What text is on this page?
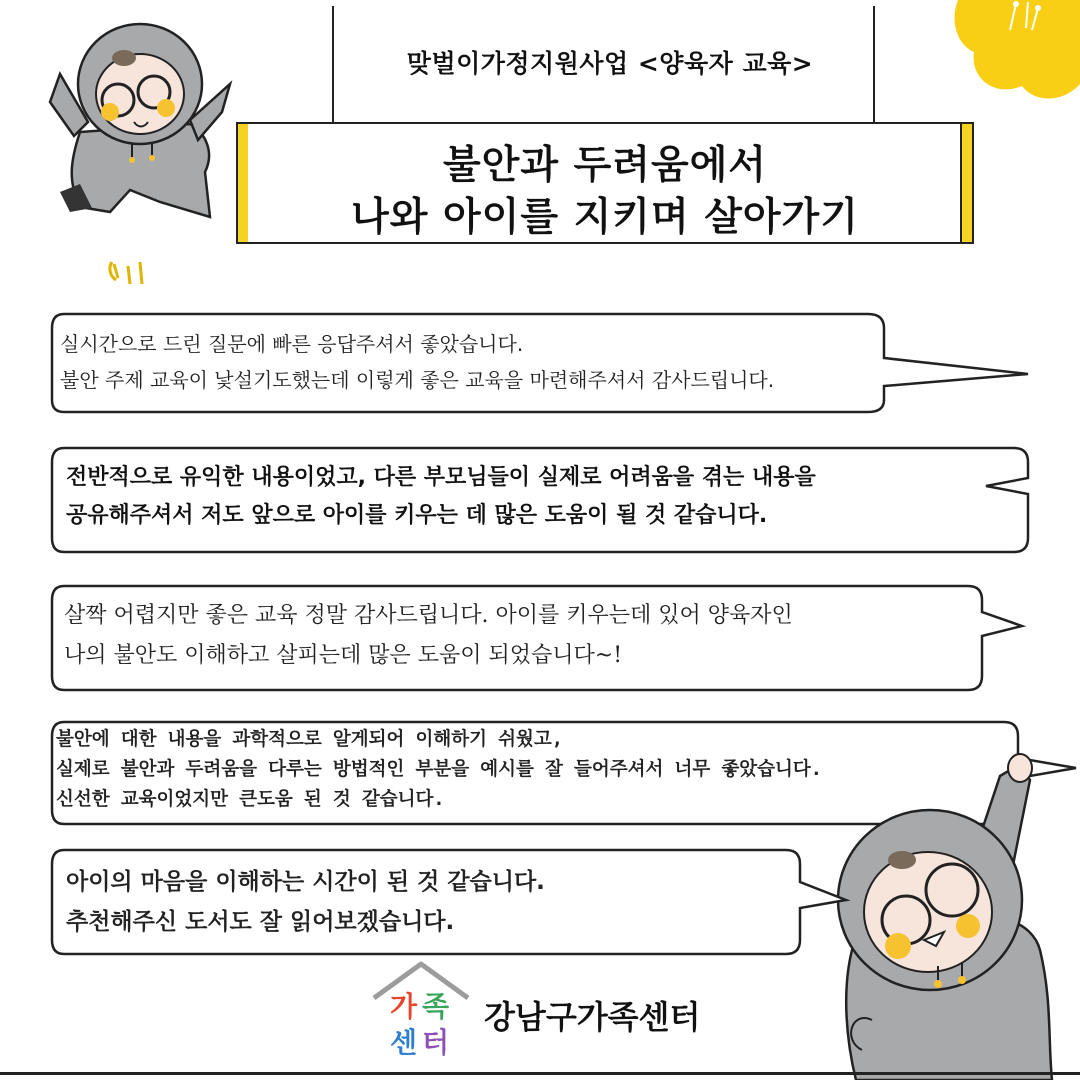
맞벌이가정지원사업 <양육자 교육>
불안과 두려움에서
나와 아이를 지키며 살아가기
실시간으로 드린 질문에 빠른 응답주셔서 좋았습니다.
불안 주제 교육이 낯설기도했는데 이렇게 좋은 교육을 마련해주셔서 감사드립니다.
전반적으로 유익한 내용이었고, 다른 부모님들이 실제로 어려움을 겪는 내용을
공유해주셔서 저도 앞으로 아이를 키우는 데 많은 도움이 될 것 같습니다.
살짝 어렵지만 좋은 교육 정말 감사드립니다. 아이를 키우는데 있어 양육자인
나의 불안도 이해하고 살피는데 많은 도움이 되었습니다~!
불안에 대한 내용을 과학적으로 알게되어 이해하기 쉬웠고,
실제로 불안과 두려움을 다루는 방법적인 부분을 예시를 잘 들어주셔서 너무 좋았습니다.
신선한 교육이었지만 큰도움 된 것 같습니다.
아이의 마음을 이해하는 시간이 된 것 같습니다.
추천해주신 도서도 잘 읽어보겠습니다.
가 족
센 터
강남구가족센터
